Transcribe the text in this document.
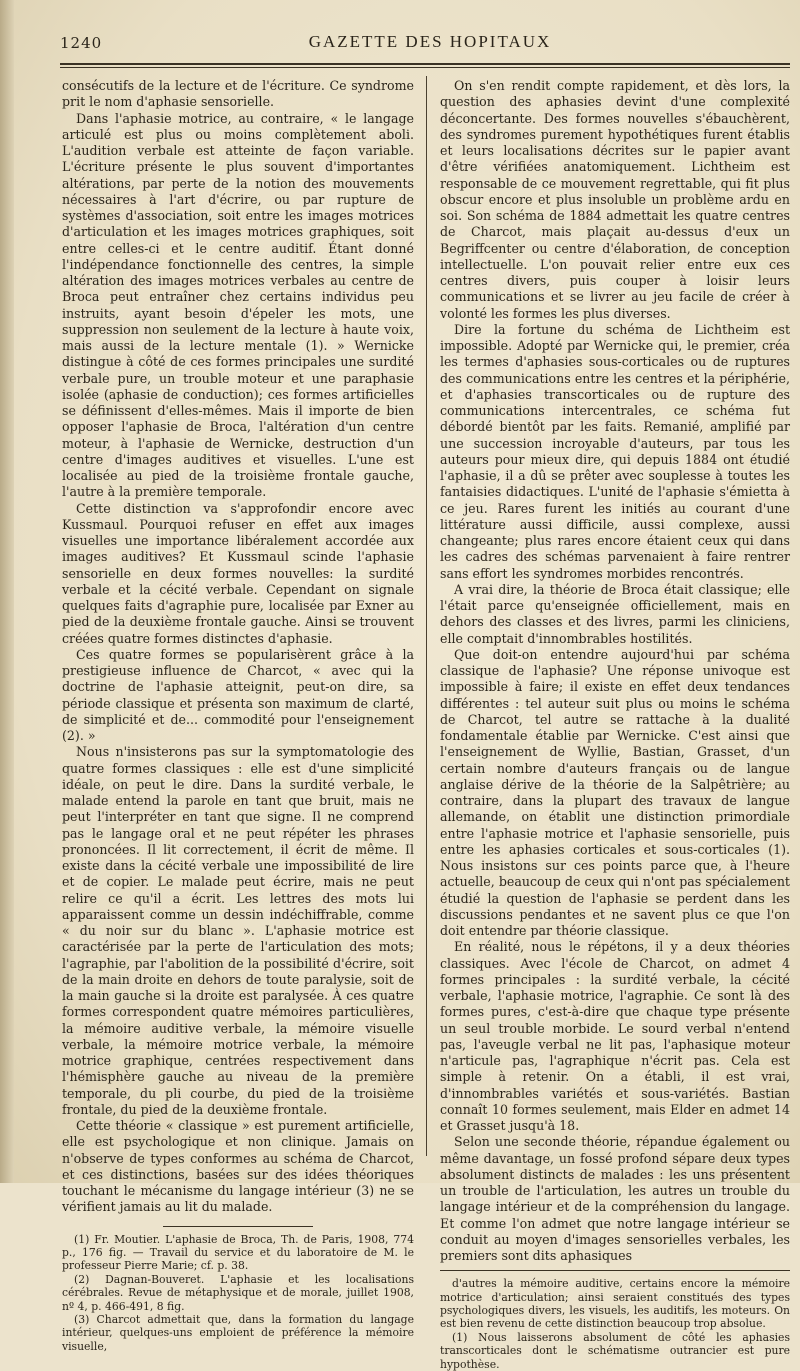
1240	GAZETTE DES HOPITAUX

consécutifs de la lecture et de l'écriture. Ce syndrome prit le nom d'aphasie sensorielle.

Dans l'aphasie motrice, au contraire, « le langage articulé est plus ou moins complètement aboli. L'audition verbale est atteinte de façon variable. L'écriture présente le plus souvent d'importantes altérations, par perte de la notion des mouvements nécessaires à l'art d'écrire, ou par rupture de systèmes d'association, soit entre les images motrices d'articulation et les images motrices graphiques, soit entre celles-ci et le centre auditif. Étant donné l'indépendance fonctionnelle des centres, la simple altération des images motrices verbales au centre de Broca peut entraîner chez certains individus peu instruits, ayant besoin d'épeler les mots, une suppression non seulement de la lecture à haute voix, mais aussi de la lecture mentale (1). » Wernicke distingue à côté de ces formes principales une surdité verbale pure, un trouble moteur et une paraphasie isolée (aphasie de conduction); ces formes artificielles se définissent d'elles-mêmes. Mais il importe de bien opposer l'aphasie de Broca, l'altération d'un centre moteur, à l'aphasie de Wernicke, destruction d'un centre d'images auditives et visuelles. L'une est localisée au pied de la troisième frontale gauche, l'autre à la première temporale.

Cette distinction va s'approfondir encore avec Kussmaul. Pourquoi refuser en effet aux images visuelles une importance libéralement accordée aux images auditives? Et Kussmaul scinde l'aphasie sensorielle en deux formes nouvelles: la surdité verbale et la cécité verbale. Cependant on signale quelques faits d'agraphie pure, localisée par Exner au pied de la deuxième frontale gauche. Ainsi se trouvent créées quatre formes distinctes d'aphasie.

Ces quatre formes se popularisèrent grâce à la prestigieuse influence de Charcot, « avec qui la doctrine de l'aphasie atteignit, peut-on dire, sa période classique et présenta son maximum de clarté, de simplicité et de... commodité pour l'enseignement (2). »

Nous n'insisterons pas sur la symptomatologie des quatre formes classiques : elle est d'une simplicité idéale, on peut le dire. Dans la surdité verbale, le malade entend la parole en tant que bruit, mais ne peut l'interpréter en tant que signe. Il ne comprend pas le langage oral et ne peut répéter les phrases prononcées. Il lit correctement, il écrit de même. Il existe dans la cécité verbale une impossibilité de lire et de copier. Le malade peut écrire, mais ne peut relire ce qu'il a écrit. Les lettres des mots lui apparaissent comme un dessin indéchiffrable, comme « du noir sur du blanc ». L'aphasie motrice est caractérisée par la perte de l'articulation des mots; l'agraphie, par l'abolition de la possibilité d'écrire, soit de la main droite en dehors de toute paralysie, soit de la main gauche si la droite est paralysée. À ces quatre formes correspondent quatre mémoires particulières, la mémoire auditive verbale, la mémoire visuelle verbale, la mémoire motrice verbale, la mémoire motrice graphique, centrées respectivement dans l'hémisphère gauche au niveau de la première temporale, du pli courbe, du pied de la troisième frontale, du pied de la deuxième frontale.

Cette théorie « classique » est purement artificielle, elle est psychologique et non clinique. Jamais on n'observe de types conformes au schéma de Charcot, et ces distinctions, basées sur des idées théoriques touchant le mécanisme du langage intérieur (3) ne se vérifient jamais au lit du malade.

(1) Fr. Moutier. L'aphasie de Broca, Th. de Paris, 1908, 774 p., 176 fig. — Travail du service et du laboratoire de M. le professeur Pierre Marie; cf. p. 38.

(2) Dagnan-Bouveret. L'aphasie et les localisations cérébrales. Revue de métaphysique et de morale, juillet 1908, nº 4, p. 466-491, 8 fig.

(3) Charcot admettait que, dans la formation du langage intérieur, quelques-uns emploient de préférence la mémoire visuelle,

On s'en rendit compte rapidement, et dès lors, la question des aphasies devint d'une complexité déconcertante. Des formes nouvelles s'ébauchèrent, des syndromes purement hypothétiques furent établis et leurs localisations décrites sur le papier avant d'être vérifiées anatomiquement. Lichtheim est responsable de ce mouvement regrettable, qui fit plus obscur encore et plus insoluble un problème ardu en soi. Son schéma de 1884 admettait les quatre centres de Charcot, mais plaçait au-dessus d'eux un Begriffcenter ou centre d'élaboration, de conception intellectuelle. L'on pouvait relier entre eux ces centres divers, puis couper à loisir leurs communications et se livrer au jeu facile de créer à volonté les formes les plus diverses.

Dire la fortune du schéma de Lichtheim est impossible. Adopté par Wernicke qui, le premier, créa les termes d'aphasies sous-corticales ou de ruptures des communications entre les centres et la périphérie, et d'aphasies transcorticales ou de rupture des communications intercentrales, ce schéma fut débordé bientôt par les faits. Remanié, amplifié par une succession incroyable d'auteurs, par tous les auteurs pour mieux dire, qui depuis 1884 ont étudié l'aphasie, il a dû se prêter avec souplesse à toutes les fantaisies didactiques. L'unité de l'aphasie s'émietta à ce jeu. Rares furent les initiés au courant d'une littérature aussi difficile, aussi complexe, aussi changeante; plus rares encore étaient ceux qui dans les cadres des schémas parvenaient à faire rentrer sans effort les syndromes morbides rencontrés.

A vrai dire, la théorie de Broca était classique; elle l'était parce qu'enseignée officiellement, mais en dehors des classes et des livres, parmi les cliniciens, elle comptait d'innombrables hostilités.

Que doit-on entendre aujourd'hui par schéma classique de l'aphasie? Une réponse univoque est impossible à faire; il existe en effet deux tendances différentes : tel auteur suit plus ou moins le schéma de Charcot, tel autre se rattache à la dualité fondamentale établie par Wernicke. C'est ainsi que l'enseignement de Wyllie, Bastian, Grasset, d'un certain nombre d'auteurs français ou de langue anglaise dérive de la théorie de la Salpêtrière; au contraire, dans la plupart des travaux de langue allemande, on établit une distinction primordiale entre l'aphasie motrice et l'aphasie sensorielle, puis entre les aphasies corticales et sous-corticales (1). Nous insistons sur ces points parce que, à l'heure actuelle, beaucoup de ceux qui n'ont pas spécialement étudié la question de l'aphasie se perdent dans les discussions pendantes et ne savent plus ce que l'on doit entendre par théorie classique.

En réalité, nous le répétons, il y a deux théories classiques. Avec l'école de Charcot, on admet 4 formes principales : la surdité verbale, la cécité verbale, l'aphasie motrice, l'agraphie. Ce sont là des formes pures, c'est-à-dire que chaque type présente un seul trouble morbide. Le sourd verbal n'entend pas, l'aveugle verbal ne lit pas, l'aphasique moteur n'articule pas, l'agraphique n'écrit pas. Cela est simple à retenir. On a établi, il est vrai, d'innombrables variétés et sous-variétés. Bastian connaît 10 formes seulement, mais Elder en admet 14 et Grasset jusqu'à 18.

Selon une seconde théorie, répandue également ou même davantage, un fossé profond sépare deux types absolument distincts de malades : les uns présentent un trouble de l'articulation, les autres un trouble du langage intérieur et de la compréhension du langage. Et comme l'on admet que notre langage intérieur se conduit au moyen d'images sensorielles verbales, les premiers sont dits aphasiques

d'autres la mémoire auditive, certains encore la mémoire motrice d'articulation; ainsi seraient constitués des types psychologiques divers, les visuels, les auditifs, les moteurs. On est bien revenu de cette distinction beaucoup trop absolue.

(1) Nous laisserons absolument de côté les aphasies transcorticales dont le schématisme outrancier est pure hypothèse.
